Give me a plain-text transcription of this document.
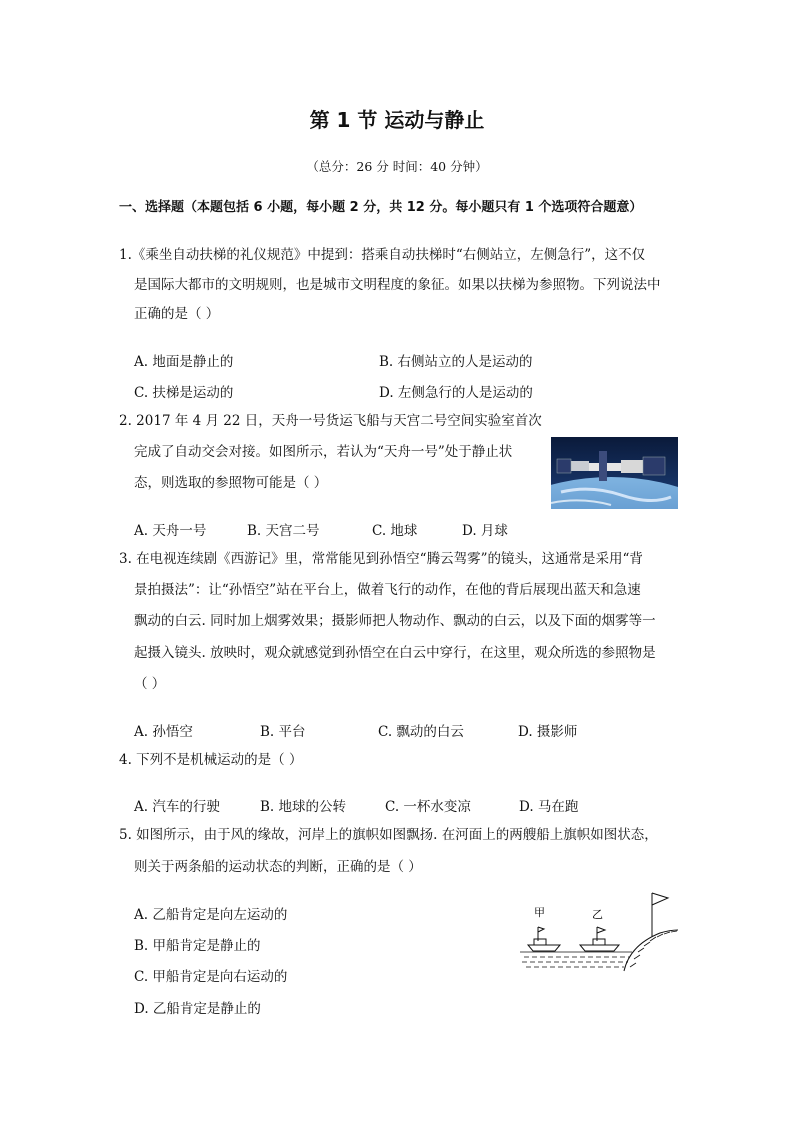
第 1 节 运动与静止
（总分：26 分 时间：40 分钟）
一、选择题（本题包括 6 小题，每小题 2 分，共 12 分。每小题只有 1 个选项符合题意）
1.《乘坐自动扶梯的礼仪规范》中提到：搭乘自动扶梯时“右侧站立，左侧急行”，这不仅
是国际大都市的文明规则，也是城市文明程度的象征。如果以扶梯为参照物。下列说法中
正确的是（ ）
A. 地面是静止的	B. 右侧站立的人是运动的
C. 扶梯是运动的	D. 左侧急行的人是运动的
2. 2017 年 4 月 22 日，天舟一号货运飞船与天宫二号空间实验室首次
完成了自动交会对接。如图所示，若认为“天舟一号”处于静止状
态，则选取的参照物可能是（ ）
A. 天舟一号	B. 天宫二号	C. 地球	D. 月球
3. 在电视连续剧《西游记》里，常常能见到孙悟空“腾云驾雾”的镜头，这通常是采用“背
景拍摄法”：让“孙悟空”站在平台上，做着飞行的动作，在他的背后展现出蓝天和急速
飘动的白云. 同时加上烟雾效果；摄影师把人物动作、飘动的白云，以及下面的烟雾等一
起摄入镜头. 放映时，观众就感觉到孙悟空在白云中穿行，在这里，观众所选的参照物是
（ ）
A. 孙悟空	B. 平台	C. 飘动的白云	D. 摄影师
4. 下列不是机械运动的是（ ）
A. 汽车的行驶	B. 地球的公转	C. 一杯水变凉	D. 马在跑
5. 如图所示，由于风的缘故，河岸上的旗帜如图飘扬. 在河面上的两艘船上旗帜如图状态，
则关于两条船的运动状态的判断，正确的是（ ）
A. 乙船肯定是向左运动的
B. 甲船肯定是静止的
C. 甲船肯定是向右运动的
D. 乙船肯定是静止的
甲	乙
